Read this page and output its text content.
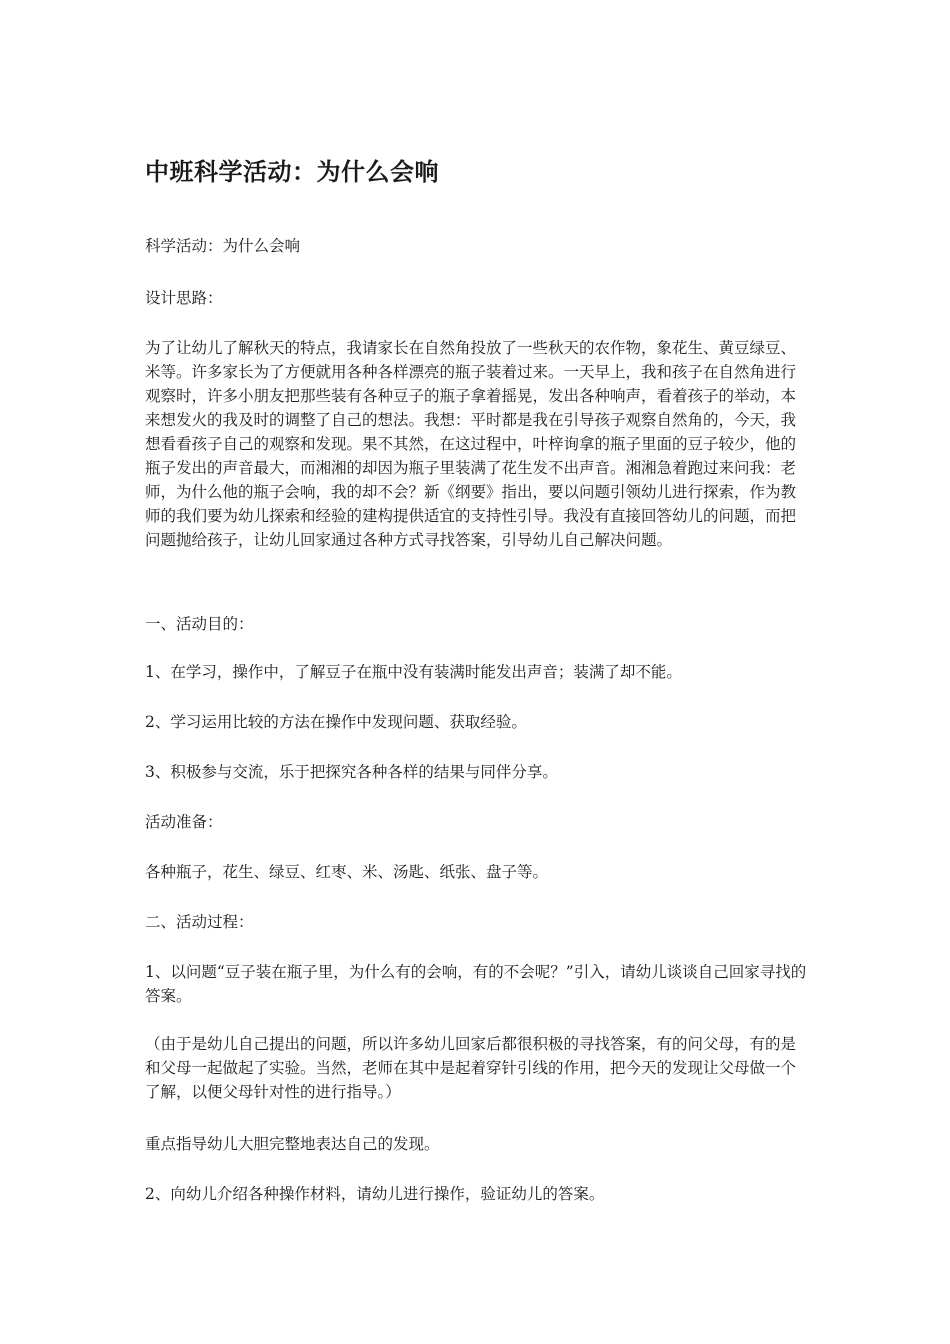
中班科学活动：为什么会响

科学活动：为什么会响

设计思路：

为了让幼儿了解秋天的特点，我请家长在自然角投放了一些秋天的农作物，象花生、黄豆绿豆、米等。许多家长为了方便就用各种各样漂亮的瓶子装着过来。一天早上，我和孩子在自然角进行观察时，许多小朋友把那些装有各种豆子的瓶子拿着摇晃，发出各种响声，看着孩子的举动，本来想发火的我及时的调整了自己的想法。我想：平时都是我在引导孩子观察自然角的，今天，我想看看孩子自己的观察和发现。果不其然，在这过程中，叶梓询拿的瓶子里面的豆子较少，他的瓶子发出的声音最大，而湘湘的却因为瓶子里装满了花生发不出声音。湘湘急着跑过来问我：老师，为什么他的瓶子会响，我的却不会？新《纲要》指出，要以问题引领幼儿进行探索，作为教师的我们要为幼儿探索和经验的建构提供适宜的支持性引导。我没有直接回答幼儿的问题，而把问题抛给孩子，让幼儿回家通过各种方式寻找答案，引导幼儿自己解决问题。

一、活动目的：

1、在学习，操作中，了解豆子在瓶中没有装满时能发出声音；装满了却不能。

2、学习运用比较的方法在操作中发现问题、获取经验。

3、积极参与交流，乐于把探究各种各样的结果与同伴分享。

活动准备：

各种瓶子，花生、绿豆、红枣、米、汤匙、纸张、盘子等。

二、活动过程：

1、以问题“豆子装在瓶子里，为什么有的会响，有的不会呢？”引入，请幼儿谈谈自己回家寻找的答案。

（由于是幼儿自己提出的问题，所以许多幼儿回家后都很积极的寻找答案，有的问父母，有的是和父母一起做起了实验。当然，老师在其中是起着穿针引线的作用，把今天的发现让父母做一个了解，以便父母针对性的进行指导。）

重点指导幼儿大胆完整地表达自己的发现。

2、向幼儿介绍各种操作材料，请幼儿进行操作，验证幼儿的答案。
